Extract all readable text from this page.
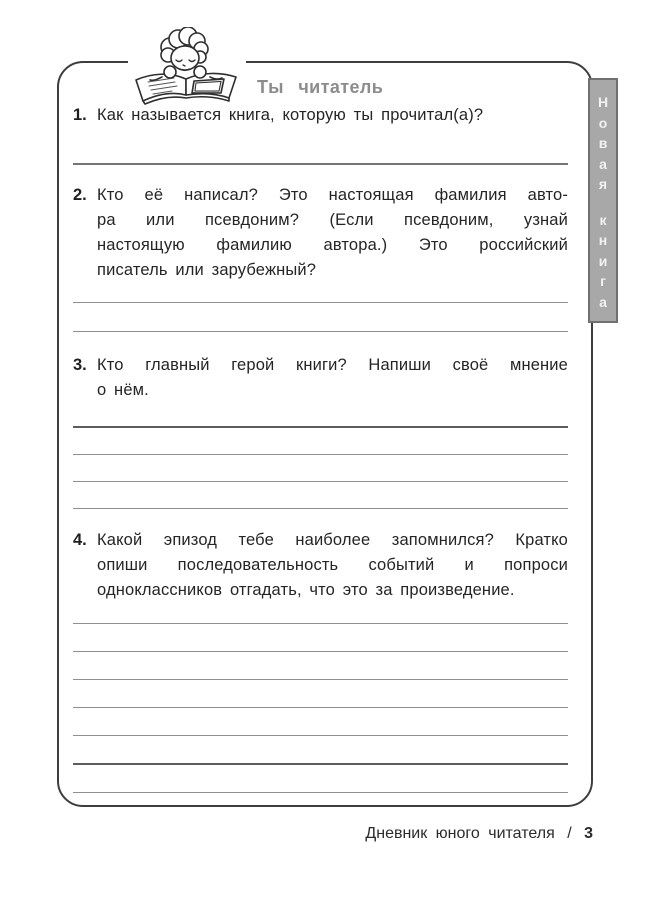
Ты читатель
1. Как называется книга, которую ты прочитал(а)?
2. Кто её написал? Это настоящая фамилия авто-
ра или псевдоним? (Если псевдоним, узнай
настоящую фамилию автора.) Это российский
писатель или зарубежный?
3. Кто главный герой книги? Напиши своё мнение
о нём.
4. Какой эпизод тебе наиболее запомнился? Кратко
опиши последовательность событий и попроси
одноклассников отгадать, что это за произведение.
Н
о
в
а
я
к
н
и
г
а
Дневник юного читателя / 3
